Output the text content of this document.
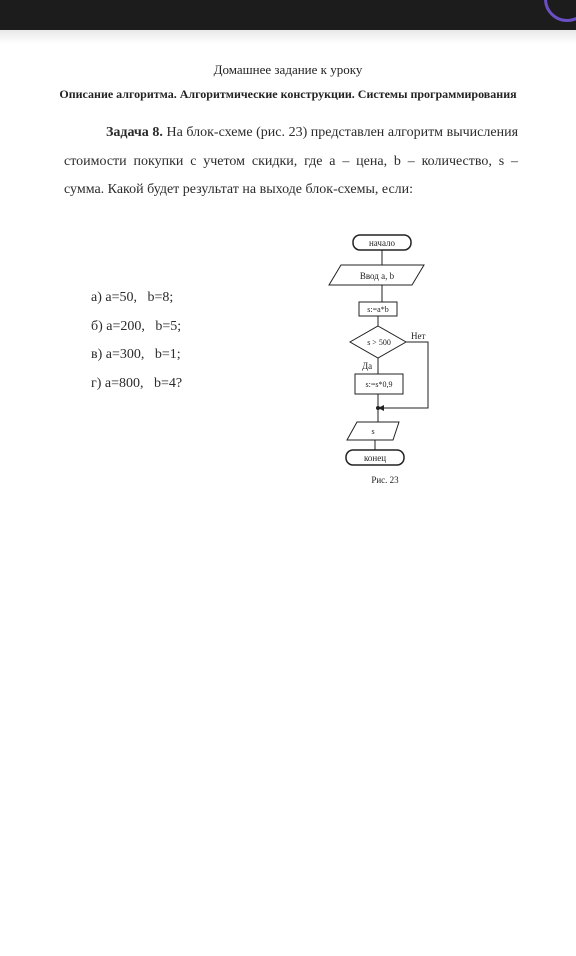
Домашнее задание к уроку
Описание алгоритма. Алгоритмические конструкции. Системы программирования
Задача 8. На блок-схеме (рис. 23) представлен алгоритм вычисления стоимости покупки с учетом скидки, где a – цена, b – количество, s – сумма. Какой будет результат на выходе блок-схемы, если:
а) a=50,   b=8;
б) a=200,   b=5;
в) a=300,   b=1;
г) a=800,   b=4?
начало
Ввод a, b
s:=a*b
s > 500
Нет
Да
s:=s*0,9
s
конец
Рис. 23
